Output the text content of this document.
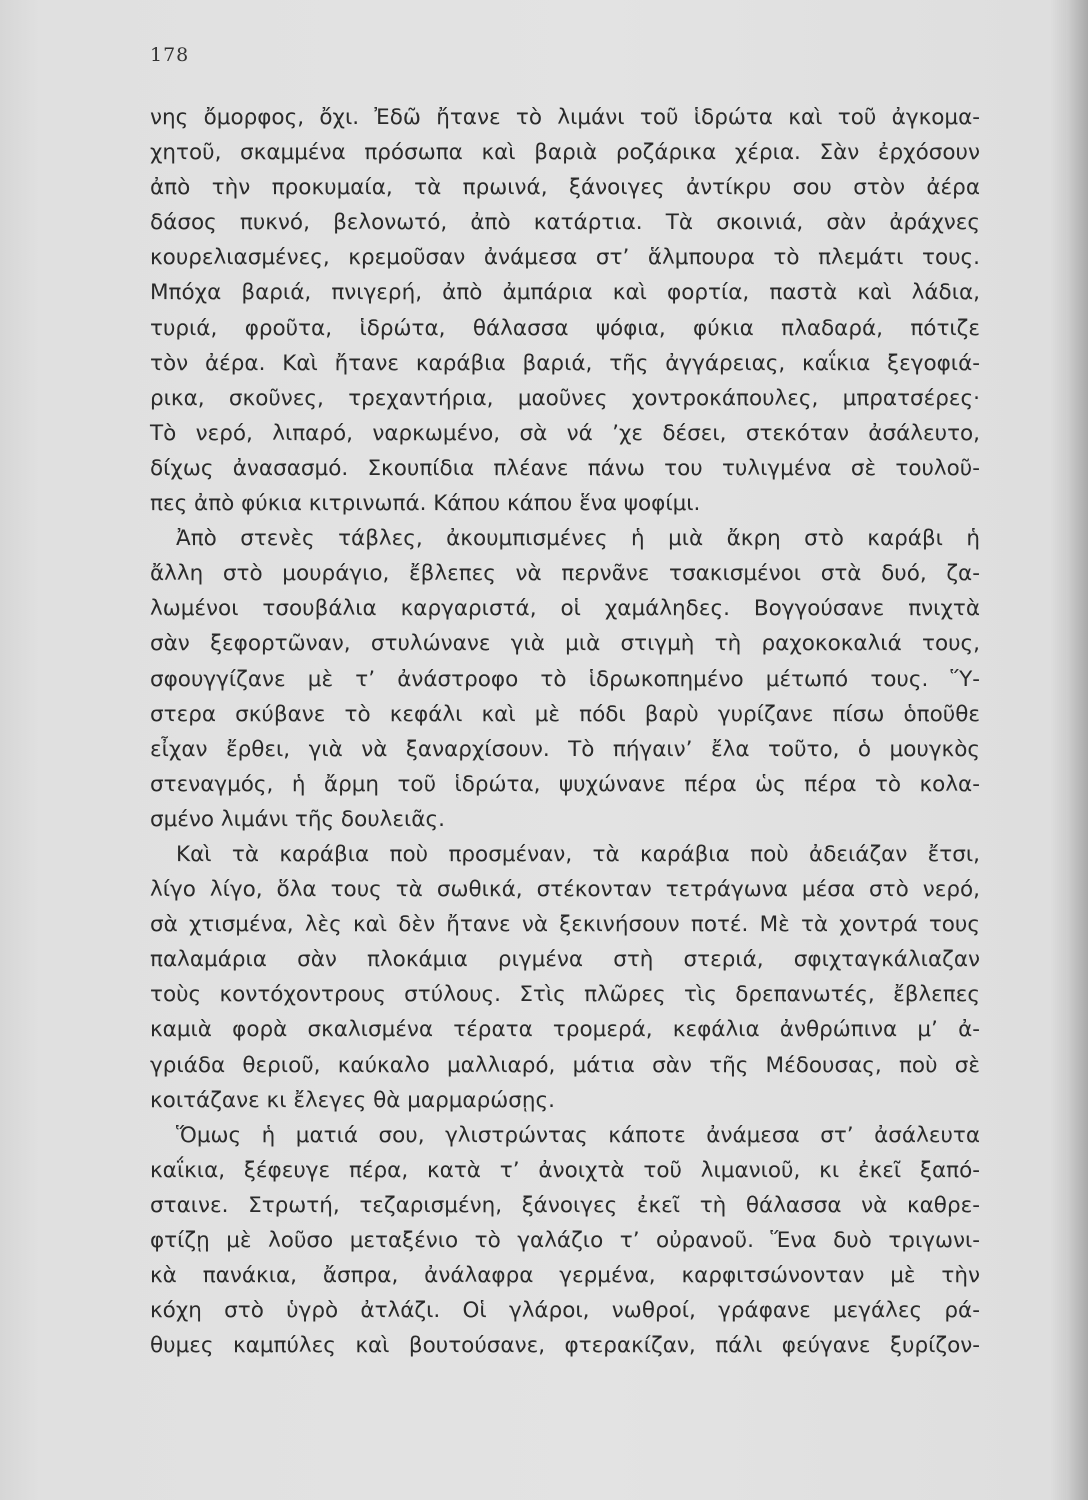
178
νης ὄμορφος, ὄχι. Ἐδῶ ἤτανε τὸ λιμάνι τοῦ ἱδρώτα καὶ τοῦ ἀγκομα-
χητοῦ, σκαμμένα πρόσωπα καὶ βαριὰ ροζάρικα χέρια. Σὰν ἐρχόσουν
ἀπὸ τὴν προκυμαία, τὰ πρωινά, ξάνοιγες ἀντίκρυ σου στὸν ἀέρα
δάσος πυκνό, βελονωτό, ἀπὸ κατάρτια. Τὰ σκοινιά, σὰν ἀράχνες
κουρελιασμένες, κρεμοῦσαν ἀνάμεσα στ’ ἅλμπουρα τὸ πλεμάτι τους.
Μπόχα βαριά, πνιγερή, ἀπὸ ἀμπάρια καὶ φορτία, παστὰ καὶ λάδια,
τυριά, φροῦτα, ἱδρώτα, θάλασσα ψόφια, φύκια πλαδαρά, πότιζε
τὸν ἀέρα. Καὶ ἤτανε καράβια βαριά, τῆς ἀγγάρειας, καΐκια ξεγοφιά-
ρικα, σκοῦνες, τρεχαντήρια, μαοῦνες χοντροκάπουλες, μπρατσέρες·
Τὸ νερό, λιπαρό, ναρκωμένο, σὰ νά ’χε δέσει, στεκόταν ἀσάλευτο,
δίχως ἀνασασμό. Σκουπίδια πλέανε πάνω του τυλιγμένα σὲ τουλοῦ-
πες ἀπὸ φύκια κιτρινωπά. Κάπου κάπου ἕνα ψοφίμι.
Ἀπὸ στενὲς τάβλες, ἀκουμπισμένες ἡ μιὰ ἄκρη στὸ καράβι ἡ
ἄλλη στὸ μουράγιο, ἔβλεπες νὰ περνᾶνε τσακισμένοι στὰ δυό, ζα-
λωμένοι τσουβάλια καργαριστά, οἱ χαμάληδες. Βογγούσανε πνιχτὰ
σὰν ξεφορτῶναν, στυλώνανε γιὰ μιὰ στιγμὴ τὴ ραχοκοκαλιά τους,
σφουγγίζανε μὲ τ’ ἀνάστροφο τὸ ἱδρωκοπημένο μέτωπό τους. Ὕ-
στερα σκύβανε τὸ κεφάλι καὶ μὲ πόδι βαρὺ γυρίζανε πίσω ὁποῦθε
εἶχαν ἔρθει, γιὰ νὰ ξαναρχίσουν. Τὸ πήγαιν’ ἔλα τοῦτο, ὁ μουγκὸς
στεναγμός, ἡ ἄρμη τοῦ ἱδρώτα, ψυχώνανε πέρα ὡς πέρα τὸ κολα-
σμένο λιμάνι τῆς δουλειᾶς.
Καὶ τὰ καράβια ποὺ προσμέναν, τὰ καράβια ποὺ ἀδειάζαν ἔτσι,
λίγο λίγο, ὅλα τους τὰ σωθικά, στέκονταν τετράγωνα μέσα στὸ νερό,
σὰ χτισμένα, λὲς καὶ δὲν ἤτανε νὰ ξεκινήσουν ποτέ. Μὲ τὰ χοντρά τους
παλαμάρια σὰν πλοκάμια ριγμένα στὴ στεριά, σφιχταγκάλιαζαν
τοὺς κοντόχοντρους στύλους. Στὶς πλῶρες τὶς δρεπανωτές, ἔβλεπες
καμιὰ φορὰ σκαλισμένα τέρατα τρομερά, κεφάλια ἀνθρώπινα μ’ ἀ-
γριάδα θεριοῦ, καύκαλο μαλλιαρό, μάτια σὰν τῆς Μέδουσας, ποὺ σὲ
κοιτάζανε κι ἔλεγες θὰ μαρμαρώσῃς.
Ὅμως ἡ ματιά σου, γλιστρώντας κάποτε ἀνάμεσα στ’ ἀσάλευτα
καΐκια, ξέφευγε πέρα, κατὰ τ’ ἀνοιχτὰ τοῦ λιμανιοῦ, κι ἐκεῖ ξαπό-
σταινε. Στρωτή, τεζαρισμένη, ξάνοιγες ἐκεῖ τὴ θάλασσα νὰ καθρε-
φτίζῃ μὲ λοῦσο μεταξένιο τὸ γαλάζιο τ’ οὐρανοῦ. Ἕνα δυὸ τριγωνι-
κὰ πανάκια, ἄσπρα, ἀνάλαφρα γερμένα, καρφιτσώνονταν μὲ τὴν
κόχη στὸ ὑγρὸ ἀτλάζι. Οἱ γλάροι, νωθροί, γράφανε μεγάλες ρά-
θυμες καμπύλες καὶ βουτούσανε, φτερακίζαν, πάλι φεύγανε ξυρίζον-
